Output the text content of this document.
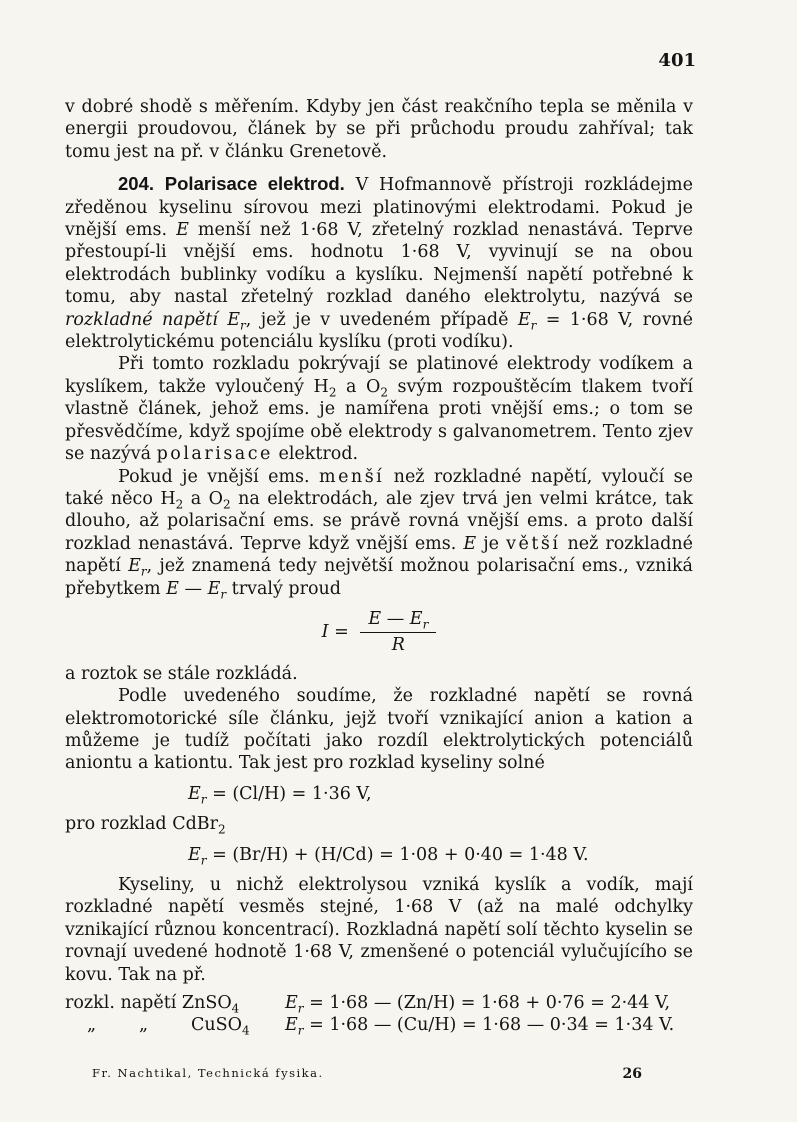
401

v dobré shodě s měřením. Kdyby jen část reakčního tepla se měnila v energii proudovou, článek by se při průchodu proudu zahříval; tak tomu jest na př. v článku Grenetově.

204. Polarisace elektrod. V Hofmannově přístroji rozkládejme zředěnou kyselinu sírovou mezi platinovými elektrodami. Pokud je vnější ems. E menší než 1·68 V, zřetelný rozklad nenastává. Teprve přestoupí-li vnější ems. hodnotu 1·68 V, vyvinují se na obou elektrodách bublinky vodíku a kyslíku. Nejmenší napětí potřebné k tomu, aby nastal zřetelný rozklad daného elektrolytu, nazývá se rozkladné napětí $E_r$, jež je v uvedeném případě $E_r = 1\cdot 68$ V, rovné elektrolytickému potenciálu kyslíku (proti vodíku).

Při tomto rozkladu pokrývají se platinové elektrody vodíkem a kyslíkem, takže vyloučený $H_2$ a $O_2$ svým rozpouštěcím tlakem tvoří vlastně článek, jehož ems. je namířena proti vnější ems.; o tom se přesvědčíme, když spojíme obě elektrody s galvanometrem. Tento zjev se nazývá polarisace elektrod.

Pokud je vnější ems. menší než rozkladné napětí, vyloučí se také něco $H_2$ a $O_2$ na elektrodách, ale zjev trvá jen velmi krátce, tak dlouho, až polarisační ems. se právě rovná vnější ems. a proto další rozklad nenastává. Teprve když vnější ems. E je větší než rozkladné napětí $E_r$, jež znamená tedy největší možnou polarisační ems., vzniká přebytkem E — $E_r$ trvalý proud

$I = \frac{E — E_r}{R}$

a roztok se stále rozkládá.

Podle uvedeného soudíme, že rozkladné napětí se rovná elektromotorické síle článku, jejž tvoří vznikající anion a kation a můžeme je tudíž počítati jako rozdíl elektrolytických potenciálů aniontu a kationtu. Tak jest pro rozklad kyseliny solné

$E_r = (Cl/H) = 1\cdot 36$ V,

pro rozklad CdBr$_2$

$E_r = (Br/H) + (H/Cd) = 1\cdot 08 + 0\cdot 40 = 1\cdot 48$ V.

Kyseliny, u nichž elektrolysou vzniká kyslík a vodík, mají rozkladné napětí vesměs stejné, 1·68 V (až na malé odchylky vznikající různou koncentrací). Rozkladná napětí solí těchto kyselin se rovnají uvedené hodnotě 1·68 V, zmenšené o potenciál vylučujícího se kovu. Tak na př.

rozkl. napětí ZnSO$_4$	$E_r = 1\cdot 68$ — (Zn/H) = 1·68 + 0·76 = 2·44 V,
„	„	CuSO$_4$	$E_r = 1\cdot 68$ — (Cu/H) = 1·68 — 0·34 = 1·34 V.
Fr. Nachtikal, Technická fysika.	26
